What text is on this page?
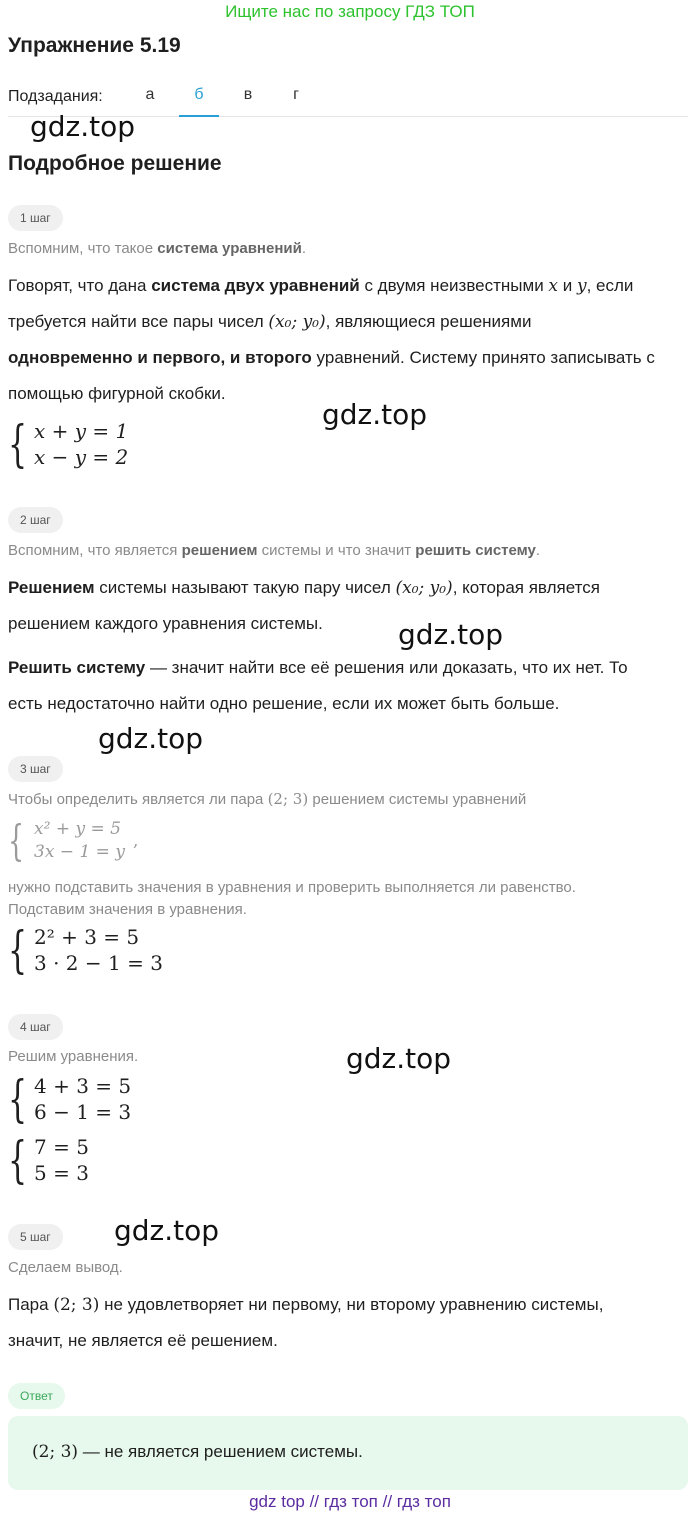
Ищите нас по запросу ГДЗ ТОП
Упражнение 5.19
Подзадания:	а	б	в	г
gdz.top
Подробное решение
1 шаг
Вспомним, что такое система уравнений.
Говорят, что дана система двух уравнений с двумя неизвестными x и y, если
требуется найти все пары чисел (x₀; y₀), являющиеся решениями
одновременно и первого, и второго уравнений. Систему принято записывать с
помощью фигурной скобки.
gdz.top
{ x + y = 1
x − y = 2
2 шаг
Вспомним, что является решением системы и что значит решить систему.
Решением системы называют такую пару чисел (x₀; y₀), которая является
решением каждого уравнения системы.	gdz.top
Решить систему — значит найти все её решения или доказать, что их нет. То
есть недостаточно найти одно решение, если их может быть больше.
gdz.top
3 шаг
Чтобы определить является ли пара (2; 3) решением системы уравнений
{ x² + y = 5
3x − 1 = y
,
нужно подставить значения в уравнения и проверить выполняется ли равенство.
Подставим значения в уравнения.
{ 2² + 3 = 5
3 · 2 − 1 = 3
4 шаг
Решим уравнения.	gdz.top
{ 4 + 3 = 5
6 − 1 = 3
{ 7 = 5
5 = 3
5 шаг	gdz.top
Сделаем вывод.
Пара (2; 3) не удовлетворяет ни первому, ни второму уравнению системы,
значит, не является её решением.
Ответ
(2; 3) — не является решением системы.
gdz top // гдз топ // гдз топ
